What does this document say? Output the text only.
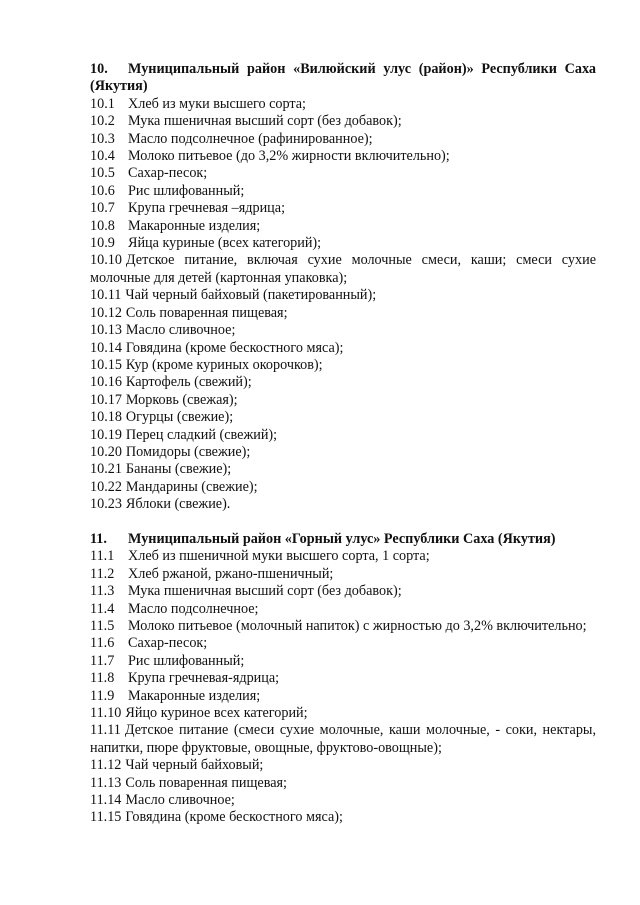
10. Муниципальный район «Вилюйский улус (район)» Республики Саха (Якутия)

10.1 Хлеб из муки высшего сорта;

10.2 Мука пшеничная высший сорт (без добавок);

10.3 Масло подсолнечное (рафинированное);

10.4 Молоко питьевое (до 3,2% жирности включительно);

10.5 Сахар-песок;

10.6 Рис шлифованный;

10.7 Крупа гречневая –ядрица;

10.8 Макаронные изделия;

10.9 Яйца куриные (всех категорий);

10.10 Детское питание, включая сухие молочные смеси, каши; смеси сухие молочные для детей (картонная упаковка);

10.11 Чай черный байховый (пакетированный);

10.12 Соль поваренная пищевая;

10.13 Масло сливочное;

10.14 Говядина (кроме бескостного мяса);

10.15 Кур (кроме куриных окорочков);

10.16 Картофель (свежий);

10.17 Морковь (свежая);

10.18 Огурцы (свежие);

10.19 Перец сладкий (свежий);

10.20 Помидоры (свежие);

10.21 Бананы (свежие);

10.22 Мандарины (свежие);

10.23 Яблоки (свежие).

11. Муниципальный район «Горный улус» Республики Саха (Якутия)

11.1 Хлеб из пшеничной муки высшего сорта, 1 сорта;

11.2 Хлеб ржаной, ржано-пшеничный;

11.3 Мука пшеничная высший сорт (без добавок);

11.4 Масло подсолнечное;

11.5 Молоко питьевое (молочный напиток) с жирностью до 3,2% включительно;

11.6 Сахар-песок;

11.7 Рис шлифованный;

11.8 Крупа гречневая-ядрица;

11.9 Макаронные изделия;

11.10 Яйцо куриное всех категорий;

11.11 Детское питание (смеси сухие молочные, каши молочные, - соки, нектары, напитки, пюре фруктовые, овощные, фруктово-овощные);

11.12 Чай черный байховый;

11.13 Соль поваренная пищевая;

11.14 Масло сливочное;

11.15 Говядина (кроме бескостного мяса);
